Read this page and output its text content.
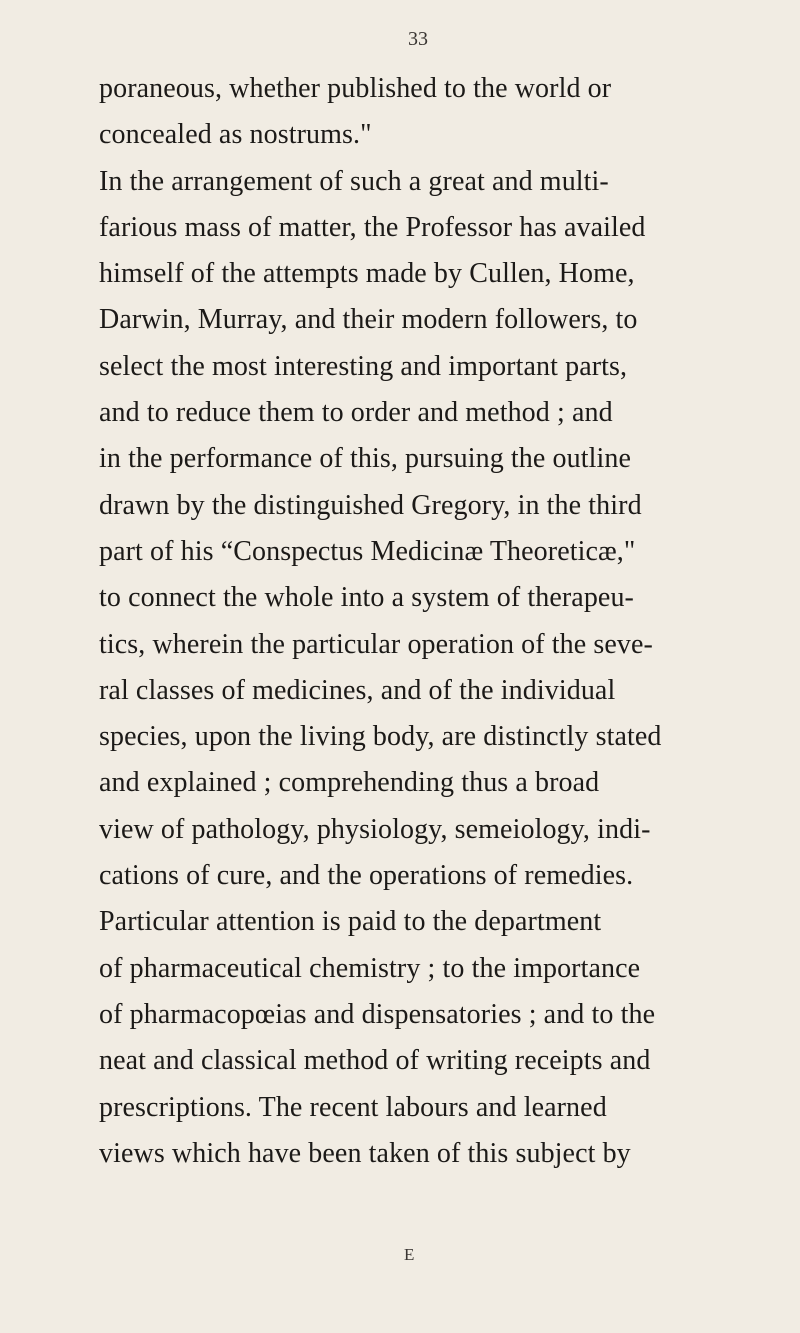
33
poraneous, whether published to the world or
concealed as nostrums."
In the arrangement of such a great and multi-
farious mass of matter, the Professor has availed
himself of the attempts made by Cullen, Home,
Darwin, Murray, and their modern followers, to
select the most interesting and important parts,
and to reduce them to order and method ; and
in the performance of this, pursuing the outline
drawn by the distinguished Gregory, in the third
part of his “Conspectus Medicinæ Theoreticæ,"
to connect the whole into a system of therapeu-
tics, wherein the particular operation of the seve-
ral classes of medicines, and of the individual
species, upon the living body, are distinctly stated
and explained ; comprehending thus a broad
view of pathology, physiology, semeiology, indi-
cations of cure, and the operations of remedies.
Particular attention is paid to the department
of pharmaceutical chemistry ; to the importance
of pharmacopœias and dispensatories ; and to the
neat and classical method of writing receipts and
prescriptions. The recent labours and learned
views which have been taken of this subject by
E
